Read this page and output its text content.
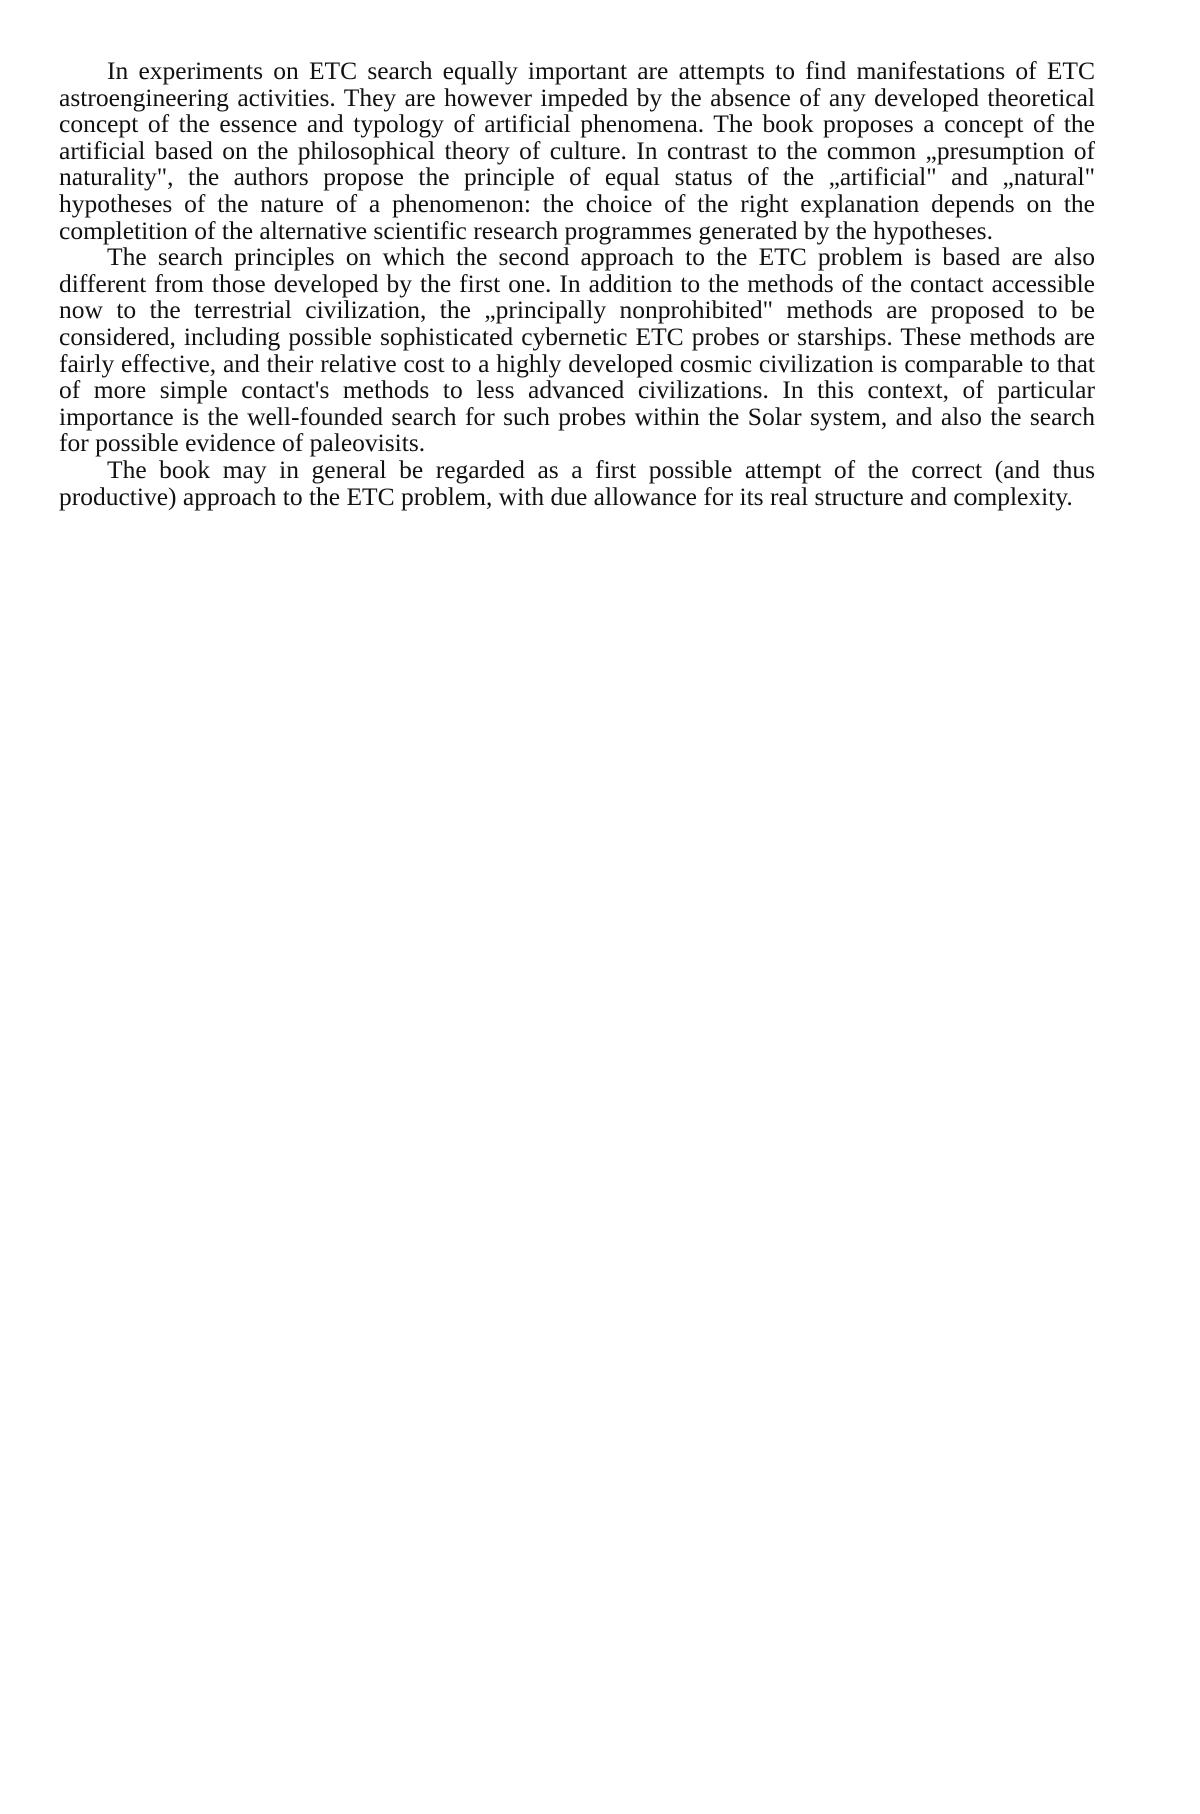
In experiments on ETC search equally important are attempts to find manifestations of ETC astroengineering activities. They are however impeded by the absence of any developed theoretical concept of the essence and typology of artificial phenomena. The book proposes a concept of the artificial based on the philosophical theory of culture. In contrast to the common „presumption of naturality", the authors propose the principle of equal status of the „artificial" and „natural" hypotheses of the nature of a phenomenon: the choice of the right explanation depends on the completition of the alternative scientific research programmes generated by the hypotheses.

The search principles on which the second approach to the ETC problem is based are also different from those developed by the first one. In addition to the methods of the contact accessible now to the terrestrial civilization, the „principally nonprohibited" methods are proposed to be considered, including possible sophisticated cybernetic ETC probes or starships. These methods are fairly effective, and their relative cost to a highly developed cosmic civilization is comparable to that of more simple contact's methods to less advanced civilizations. In this context, of particular importance is the well-founded search for such probes within the Solar system, and also the search for possible evidence of paleovisits.

The book may in general be regarded as a first possible attempt of the correct (and thus productive) approach to the ETC problem, with due allowance for its real structure and complexity.
